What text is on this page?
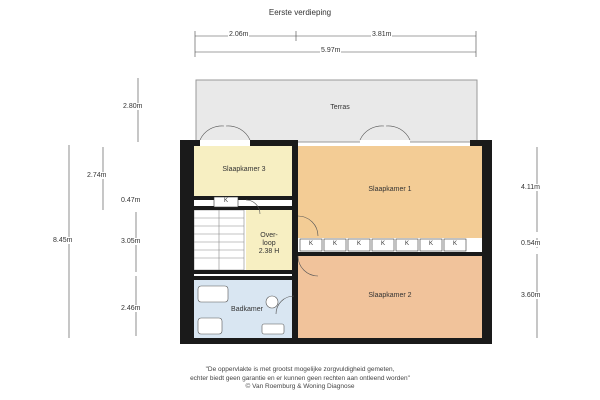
Eerste verdieping
2.06m	3.81m
5.97m
2.80m
2.74m
0.47m
3.05m
2.46m
8.45m
4.11m
0.54m
3.60m
Terras
Slaapkamer 3
Slaapkamer 1
Slaapkamer 2
Over-
loop
2.38 H
Badkamer
K
K	K	K	K	K	K	K
"De oppervlakte is met grootst mogelijke zorgvuldigheid gemeten,
echter biedt geen garantie en er kunnen geen rechten aan ontleend worden"
© Van Roemburg & Woning Diagnose
